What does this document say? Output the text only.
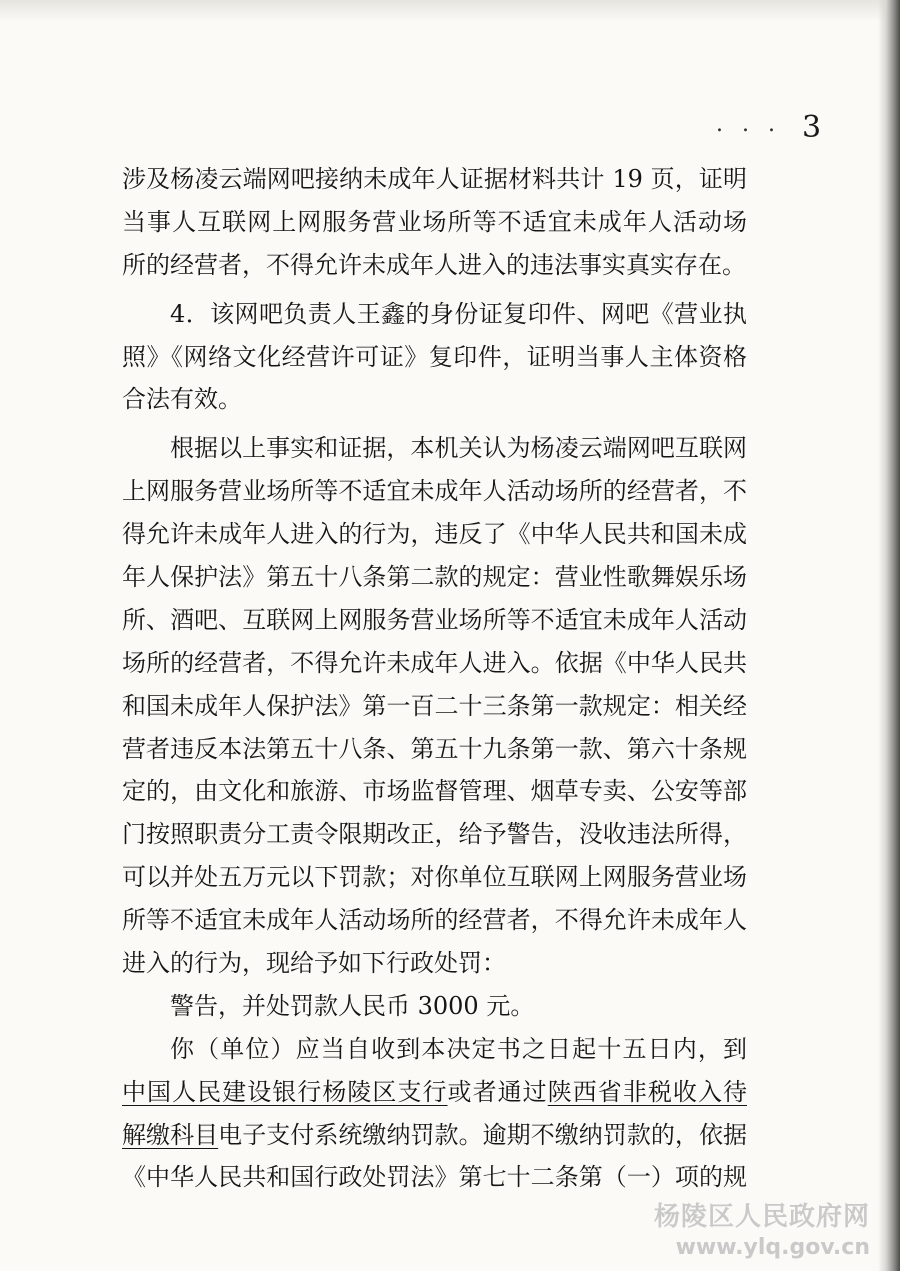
. . . 3
涉及杨凌云端网吧接纳未成年人证据材料共计 19 页，证明
当事人互联网上网服务营业场所等不适宜未成年人活动场
所的经营者，不得允许未成年人进入的违法事实真实存在。
4．该网吧负责人王鑫的身份证复印件、网吧《营业执
照》《网络文化经营许可证》复印件，证明当事人主体资格
合法有效。
根据以上事实和证据，本机关认为杨凌云端网吧互联网
上网服务营业场所等不适宜未成年人活动场所的经营者，不
得允许未成年人进入的行为，违反了《中华人民共和国未成
年人保护法》第五十八条第二款的规定：营业性歌舞娱乐场
所、酒吧、互联网上网服务营业场所等不适宜未成年人活动
场所的经营者，不得允许未成年人进入。依据《中华人民共
和国未成年人保护法》第一百二十三条第一款规定：相关经
营者违反本法第五十八条、第五十九条第一款、第六十条规
定的，由文化和旅游、市场监督管理、烟草专卖、公安等部
门按照职责分工责令限期改正，给予警告，没收违法所得，
可以并处五万元以下罚款；对你单位互联网上网服务营业场
所等不适宜未成年人活动场所的经营者，不得允许未成年人
进入的行为，现给予如下行政处罚：
警告，并处罚款人民币 3000 元。
你（单位）应当自收到本决定书之日起十五日内，到
中国人民建设银行杨陵区支行或者通过陕西省非税收入待
解缴科目电子支付系统缴纳罚款。逾期不缴纳罚款的，依据
《中华人民共和国行政处罚法》第七十二条第（一）项的规
杨陵区人民政府网
www.ylq.gov.cn
